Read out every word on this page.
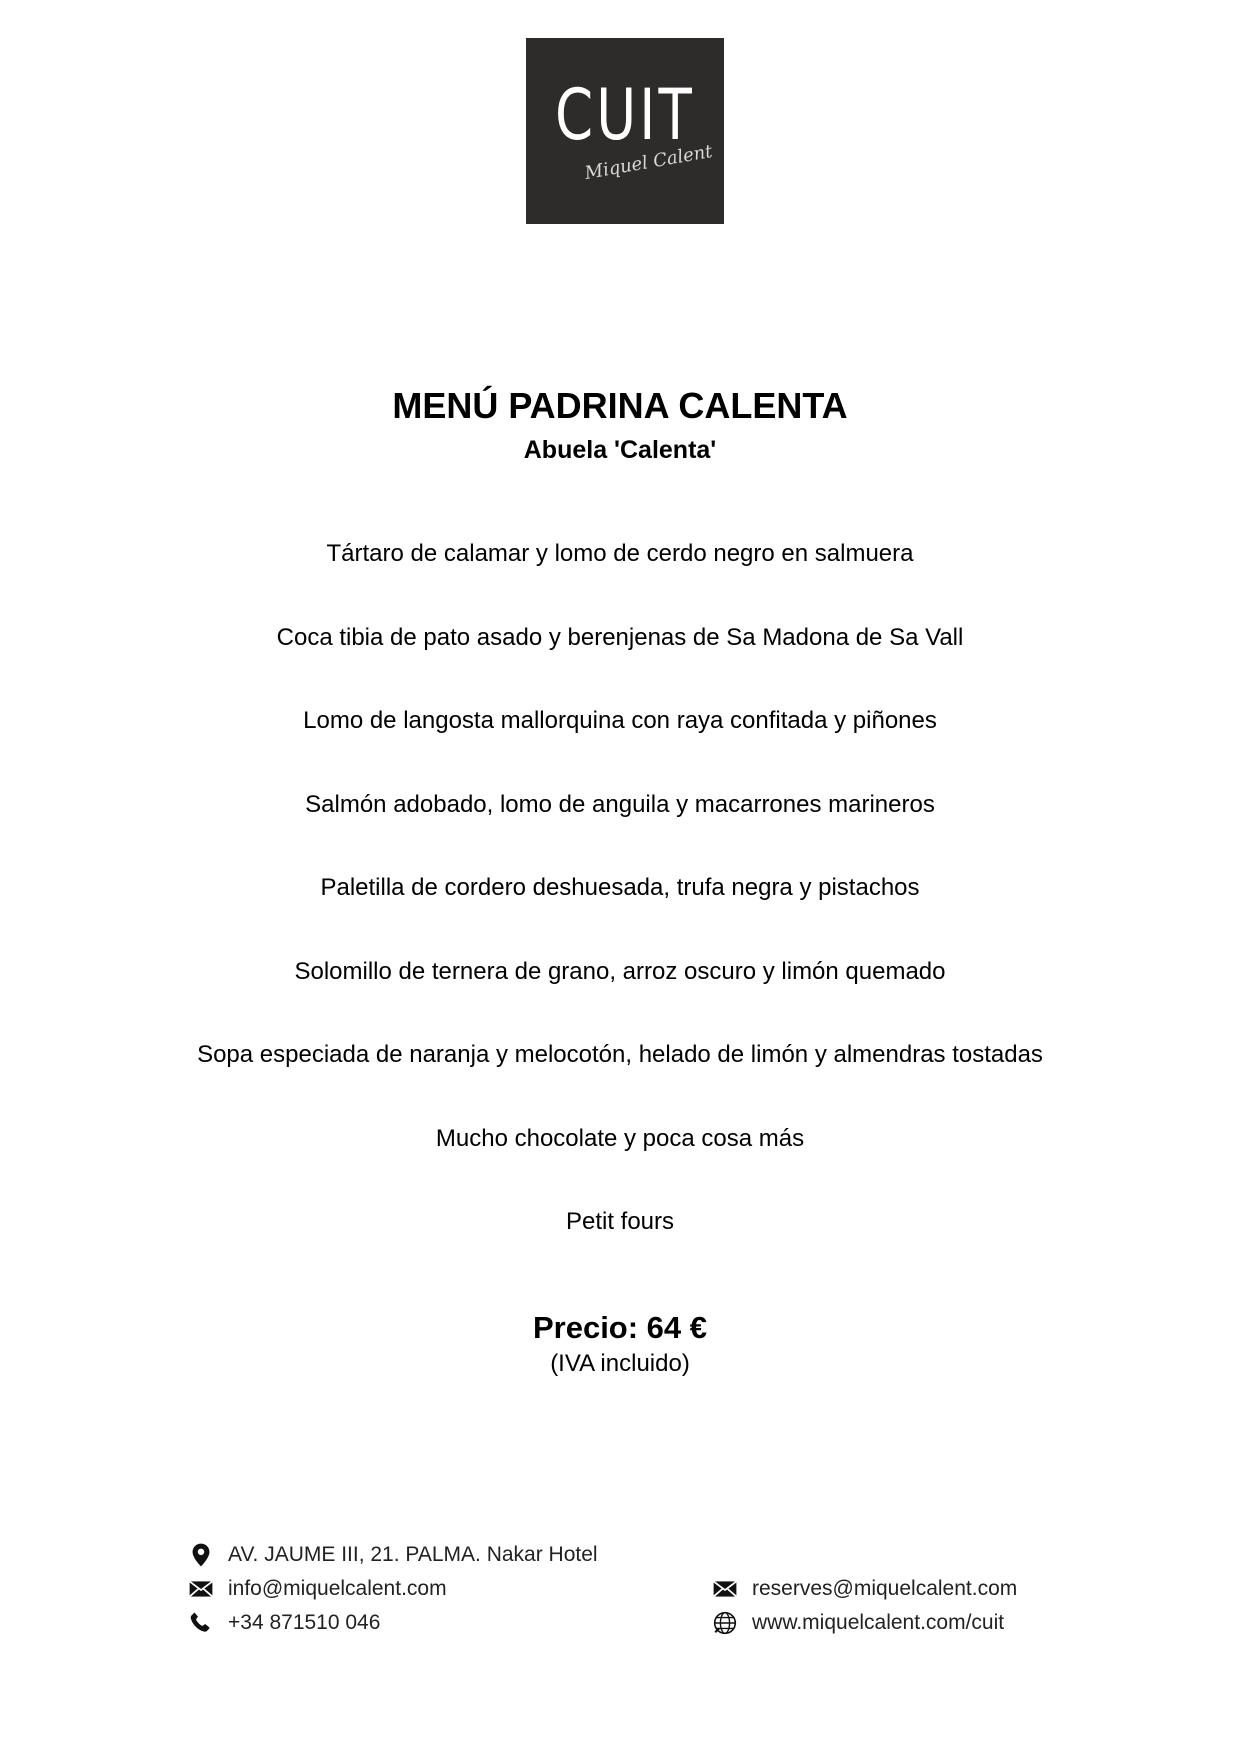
CUIT
Miquel Calent
MENÚ PADRINA CALENTA
Abuela 'Calenta'
Tártaro de calamar y lomo de cerdo negro en salmuera
Coca tibia de pato asado y berenjenas de Sa Madona de Sa Vall
Lomo de langosta mallorquina con raya confitada y piñones
Salmón adobado, lomo de anguila y macarrones marineros
Paletilla de cordero deshuesada, trufa negra y pistachos
Solomillo de ternera de grano, arroz oscuro y limón quemado
Sopa especiada de naranja y melocotón, helado de limón y almendras tostadas
Mucho chocolate y poca cosa más
Petit fours
Precio: 64 €
(IVA incluido)
AV. JAUME III, 21. PALMA. Nakar Hotel
info@miquelcalent.com
+34 871510 046
reserves@miquelcalent.com
www.miquelcalent.com/cuit
